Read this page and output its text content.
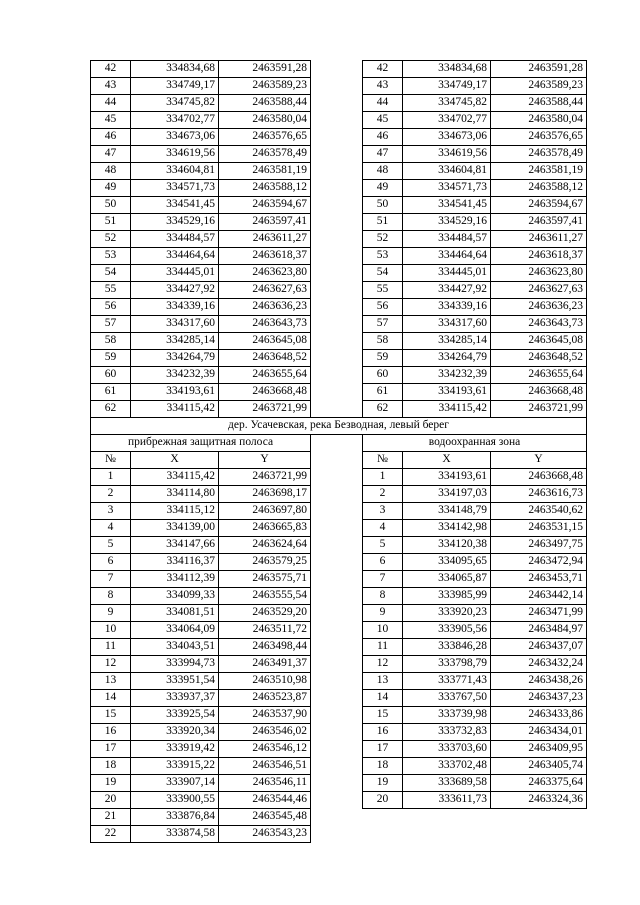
42	334834,68	2463591,28		42	334834,68	2463591,28
43	334749,17	2463589,23		43	334749,17	2463589,23
44	334745,82	2463588,44		44	334745,82	2463588,44
45	334702,77	2463580,04		45	334702,77	2463580,04
46	334673,06	2463576,65		46	334673,06	2463576,65
47	334619,56	2463578,49		47	334619,56	2463578,49
48	334604,81	2463581,19		48	334604,81	2463581,19
49	334571,73	2463588,12		49	334571,73	2463588,12
50	334541,45	2463594,67		50	334541,45	2463594,67
51	334529,16	2463597,41		51	334529,16	2463597,41
52	334484,57	2463611,27		52	334484,57	2463611,27
53	334464,64	2463618,37		53	334464,64	2463618,37
54	334445,01	2463623,80		54	334445,01	2463623,80
55	334427,92	2463627,63		55	334427,92	2463627,63
56	334339,16	2463636,23		56	334339,16	2463636,23
57	334317,60	2463643,73		57	334317,60	2463643,73
58	334285,14	2463645,08		58	334285,14	2463645,08
59	334264,79	2463648,52		59	334264,79	2463648,52
60	334232,39	2463655,64		60	334232,39	2463655,64
61	334193,61	2463668,48		61	334193,61	2463668,48
62	334115,42	2463721,99		62	334115,42	2463721,99
дер. Усачевская, река Безводная, левый берег						
прибрежная защитная полоса				водоохранная зона		
№	X	Y		№	X	Y
1	334115,42	2463721,99		1	334193,61	2463668,48
2	334114,80	2463698,17		2	334197,03	2463616,73
3	334115,12	2463697,80		3	334148,79	2463540,62
4	334139,00	2463665,83		4	334142,98	2463531,15
5	334147,66	2463624,64		5	334120,38	2463497,75
6	334116,37	2463579,25		6	334095,65	2463472,94
7	334112,39	2463575,71		7	334065,87	2463453,71
8	334099,33	2463555,54		8	333985,99	2463442,14
9	334081,51	2463529,20		9	333920,23	2463471,99
10	334064,09	2463511,72		10	333905,56	2463484,97
11	334043,51	2463498,44		11	333846,28	2463437,07
12	333994,73	2463491,37		12	333798,79	2463432,24
13	333951,54	2463510,98		13	333771,43	2463438,26
14	333937,37	2463523,87		14	333767,50	2463437,23
15	333925,54	2463537,90		15	333739,98	2463433,86
16	333920,34	2463546,02		16	333732,83	2463434,01
17	333919,42	2463546,12		17	333703,60	2463409,95
18	333915,22	2463546,51		18	333702,48	2463405,74
19	333907,14	2463546,11		19	333689,58	2463375,64
20	333900,55	2463544,46		20	333611,73	2463324,36
21	333876,84	2463545,48				
22	333874,58	2463543,23				
